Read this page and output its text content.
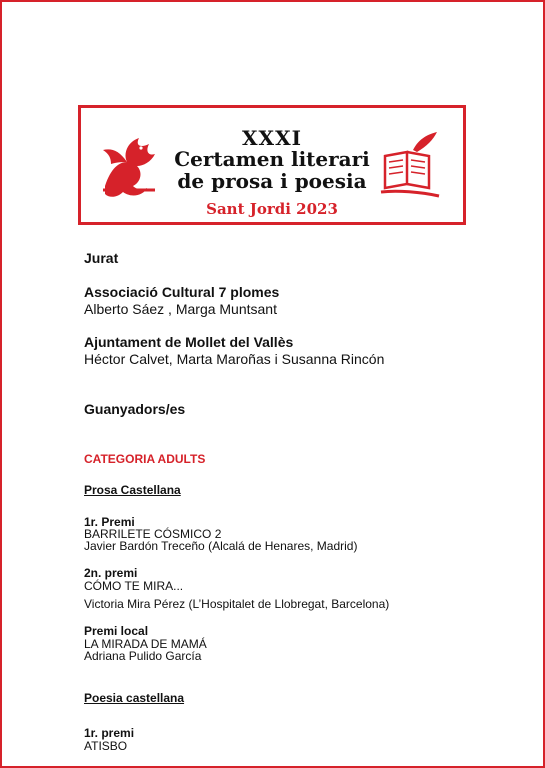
XXXI
Certamen literari
de prosa i poesia
Sant Jordi 2023
Jurat
Associació Cultural 7 plomes
Alberto Sáez , Marga Muntsant
Ajuntament de Mollet del Vallès
Héctor Calvet, Marta Maroñas i Susanna Rincón
Guanyadors/es
CATEGORIA ADULTS
Prosa Castellana
1r. Premi
BARRILETE CÓSMICO 2
Javier Bardón Treceño (Alcalá de Henares, Madrid)
2n. premi
CÓMO TE MIRA...
Victoria Mira Pérez (L’Hospitalet de Llobregat, Barcelona)
Premi local
LA MIRADA DE MAMÁ
Adriana Pulido García
Poesia castellana
1r. premi
ATISBO
